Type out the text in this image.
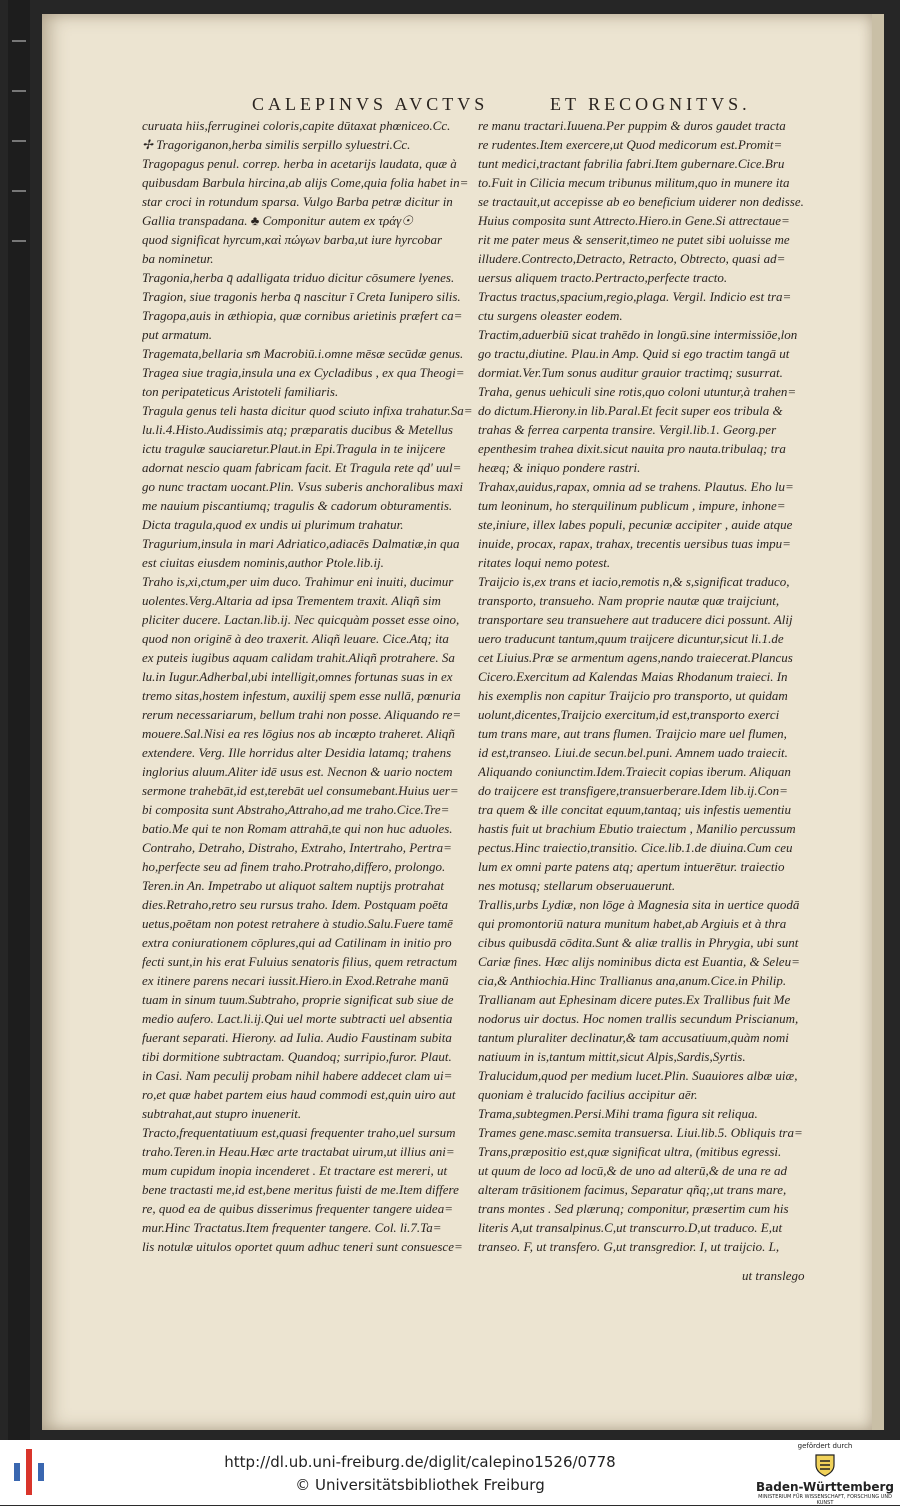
CALEPINVS AVCTVS	ET RECOGNITVS.
curuata hiis,ferruginei coloris,capite dūtaxat phœniceo.Cc.
✢ Tragoriganon,herba similis serpillo syluestri.Cc.
Tragopagus penul. correp. herba in acetarijs laudata, quæ à
quibusdam Barbula hircina,ab alijs Come,quia folia habet in=
star croci in rotundum sparsa. Vulgo Barba petræ dicitur in
Gallia transpadana. ♣ Componitur autem ex τράγ☉
quod significat hyrcum,καὶ πώγων barba,ut iure hyrcobar
ba nominetur.
Tragonia,herba q̄ adalligata triduo dicitur cōsumere lyenes.
Tragion, siue tragonis herba q̄ nascitur ī Creta Iunipero silis.
Tragopa,auis in æthiopia, quæ cornibus arietinis præfert ca=
put armatum.
Tragemata,bellaria sm̄ Macrobiū.i.omne mēsæ secūdæ genus.
Tragea siue tragia,insula una ex Cycladibus , ex qua Theogi=
ton peripateticus Aristoteli familiaris.
Tragula genus teli hasta dicitur quod sciuto infixa trahatur.Sa=
lu.li.4.Histo.Audissimis atq; præparatis ducibus & Metellus
ictu tragulæ sauciaretur.Plaut.in Epi.Tragula in te inijcere
adornat nescio quam fabricam facit. Et Tragula rete qd' uul=
go nunc tractam uocant.Plin. Vsus suberis anchoralibus maxi
me nauium piscantiumq; tragulis & cadorum obturamentis.
Dicta tragula,quod ex undis ui plurimum trahatur.
Tragurium,insula in mari Adriatico,adiacēs Dalmatiæ,in qua
est ciuitas eiusdem nominis,author Ptole.lib.ij.
Traho is,xi,ctum,per uim duco. Trahimur eni inuiti, ducimur
uolentes.Verg.Altaria ad ipsa Trementem traxit. Aliqñ sim
pliciter ducere. Lactan.lib.ij. Nec quicquàm posset esse oino,
quod non originē à deo traxerit. Aliqñ leuare. Cice.Atq; ita
ex puteis iugibus aquam calidam trahit.Aliqñ protrahere. Sa
lu.in Iugur.Adherbal,ubi intelligit,omnes fortunas suas in ex
tremo sitas,hostem infestum, auxilij spem esse nullā, pœnuria
rerum necessariarum, bellum trahi non posse. Aliquando re=
mouere.Sal.Nisi ea res lōgius nos ab incœpto traheret. Aliqñ
extendere. Verg. Ille horridus alter Desidia latamq; trahens
inglorius aluum.Aliter idē usus est. Necnon & uario noctem
sermone trahebāt,id est,terebāt uel consumebant.Huius uer=
bi composita sunt Abstraho,Attraho,ad me traho.Cice.Tre=
batio.Me qui te non Romam attrahā,te qui non huc aduoles.
Contraho, Detraho, Distraho, Extraho, Intertraho, Pertra=
ho,perfecte seu ad finem traho.Protraho,differo, prolongo.
Teren.in An. Impetrabo ut aliquot saltem nuptijs protrahat
dies.Retraho,retro seu rursus traho. Idem. Postquam poēta
uetus,poētam non potest retrahere à studio.Salu.Fuere tamē
extra coniurationem cōplures,qui ad Catilinam in initio pro
fecti sunt,in his erat Fuluius senatoris filius, quem retractum
ex itinere parens necari iussit.Hiero.in Exod.Retrahe manū
tuam in sinum tuum.Subtraho, proprie significat sub siue de
medio aufero. Lact.li.ij.Qui uel morte subtracti uel absentia
fuerant separati. Hierony. ad Iulia. Audio Faustinam subita
tibi dormitione subtractam. Quandoq; surripio,furor. Plaut.
in Casi. Nam peculij probam nihil habere addecet clam ui=
ro,et quæ habet partem eius haud commodi est,quin uiro aut
subtrahat,aut stupro inuenerit.
Tracto,frequentatiuum est,quasi frequenter traho,uel sursum
traho.Teren.in Heau.Hæc arte tractabat uirum,ut illius ani=
mum cupidum inopia incenderet . Et tractare est mereri, ut
bene tractasti me,id est,bene meritus fuisti de me.Item differe
re, quod ea de quibus disserimus frequenter tangere uidea=
mur.Hinc Tractatus.Item frequenter tangere. Col. li.7.Ta=
lis notulæ uitulos oportet quum adhuc teneri sunt consuesce=
re manu tractari.Iuuena.Per puppim & duros gaudet tracta
re rudentes.Item exercere,ut Quod medicorum est.Promit=
tunt medici,tractant fabrilia fabri.Item gubernare.Cice.Bru
to.Fuit in Cilicia mecum tribunus militum,quo in munere ita
se tractauit,ut accepisse ab eo beneficium uiderer non dedisse.
Huius composita sunt Attrecto.Hiero.in Gene.Si attrectaue=
rit me pater meus & senserit,timeo ne putet sibi uoluisse me
illudere.Contrecto,Detracto, Retracto, Obtrecto, quasi ad=
uersus aliquem tracto.Pertracto,perfecte tracto.
Tractus tractus,spacium,regio,plaga. Vergil. Indicio est tra=
ctu surgens oleaster eodem.
Tractim,aduerbiū sicat trahēdo in longū.sine intermissiōe,lon
go tractu,diutine. Plau.in Amp. Quid si ego tractim tangā ut
dormiat.Ver.Tum sonus auditur grauior tractimq; susurrat.
Traha, genus uehiculi sine rotis,quo coloni utuntur,à trahen=
do dictum.Hierony.in lib.Paral.Et fecit super eos tribula &
trahas & ferrea carpenta transire. Vergil.lib.1. Georg.per
epenthesim trahea dixit.sicut nauita pro nauta.tribulaq; tra
heæq; & iniquo pondere rastri.
Trahax,auidus,rapax, omnia ad se trahens. Plautus. Eho lu=
tum leoninum, ho sterquilinum publicum , impure, inhone=
ste,iniure, illex labes populi, pecuniæ accipiter , auide atque
inuide, procax, rapax, trahax, trecentis uersibus tuas impu=
ritates loqui nemo potest.
Traijcio is,ex trans et iacio,remotis n,& s,significat traduco,
transporto, transueho. Nam proprie nautæ quæ traijciunt,
transportare seu transuehere aut traducere dici possunt. Alij
uero traducunt tantum,quum traijcere dicuntur,sicut li.1.de
cet Liuius.Præ se armentum agens,nando traiecerat.Plancus
Cicero.Exercitum ad Kalendas Maias Rhodanum traieci. In
his exemplis non capitur Traijcio pro transporto, ut quidam
uolunt,dicentes,Traijcio exercitum,id est,transporto exerci
tum trans mare, aut trans flumen. Traijcio mare uel flumen,
id est,transeo. Liui.de secun.bel.puni. Amnem uado traiecit.
Aliquando coniunctim.Idem.Traiecit copias iberum. Aliquan
do traijcere est transfigere,transuerberare.Idem lib.ij.Con=
tra quem & ille concitat equum,tantaq; uis infestis uementiu
hastis fuit ut brachium Ebutio traiectum , Manilio percussum
pectus.Hinc traiectio,transitio. Cice.lib.1.de diuina.Cum ceu
lum ex omni parte patens atq; apertum intuerētur. traiectio
nes motusq; stellarum obseruauerunt.
Trallis,urbs Lydiæ, non lōge à Magnesia sita in uertice quodā
qui promontoriū natura munitum habet,ab Argiuis et à thra
cibus quibusdā cōdita.Sunt & aliæ trallis in Phrygia, ubi sunt
Cariæ fines. Hæc alijs nominibus dicta est Euantia, & Seleu=
cia,& Anthiochia.Hinc Trallianus ana,anum.Cice.in Philip.
Trallianam aut Ephesinam dicere putes.Ex Trallibus fuit Me
nodorus uir doctus. Hoc nomen trallis secundum Priscianum,
tantum pluraliter declinatur,& tam accusatiuum,quàm nomi
natiuum in is,tantum mittit,sicut Alpis,Sardis,Syrtis.
Tralucidum,quod per medium lucet.Plin. Suauiores albæ uiæ,
quoniam è tralucido facilius accipitur aēr.
Trama,subtegmen.Persi.Mihi trama figura sit reliqua.
Trames gene.masc.semita transuersa. Liui.lib.5. Obliquis tra=
Trans,præpositio est,quæ significat ultra, (mitibus egressi.
ut quum de loco ad locū,& de uno ad alterū,& de una re ad
alteram trāsitionem facimus, Separatur qñq;,ut trans mare,
trans montes . Sed plærunq; componitur, præsertim cum his
literis A,ut transalpinus.C,ut transcurro.D,ut traduco. E,ut
transeo. F, ut transfero. G,ut transgredior. I, ut traijcio. L,
ut translego
http://dl.ub.uni-freiburg.de/diglit/calepino1526/0778
© Universitätsbibliothek Freiburg
gefördert durch
Baden-Württemberg
MINISTERIUM FÜR WISSENSCHAFT, FORSCHUNG UND KUNST
